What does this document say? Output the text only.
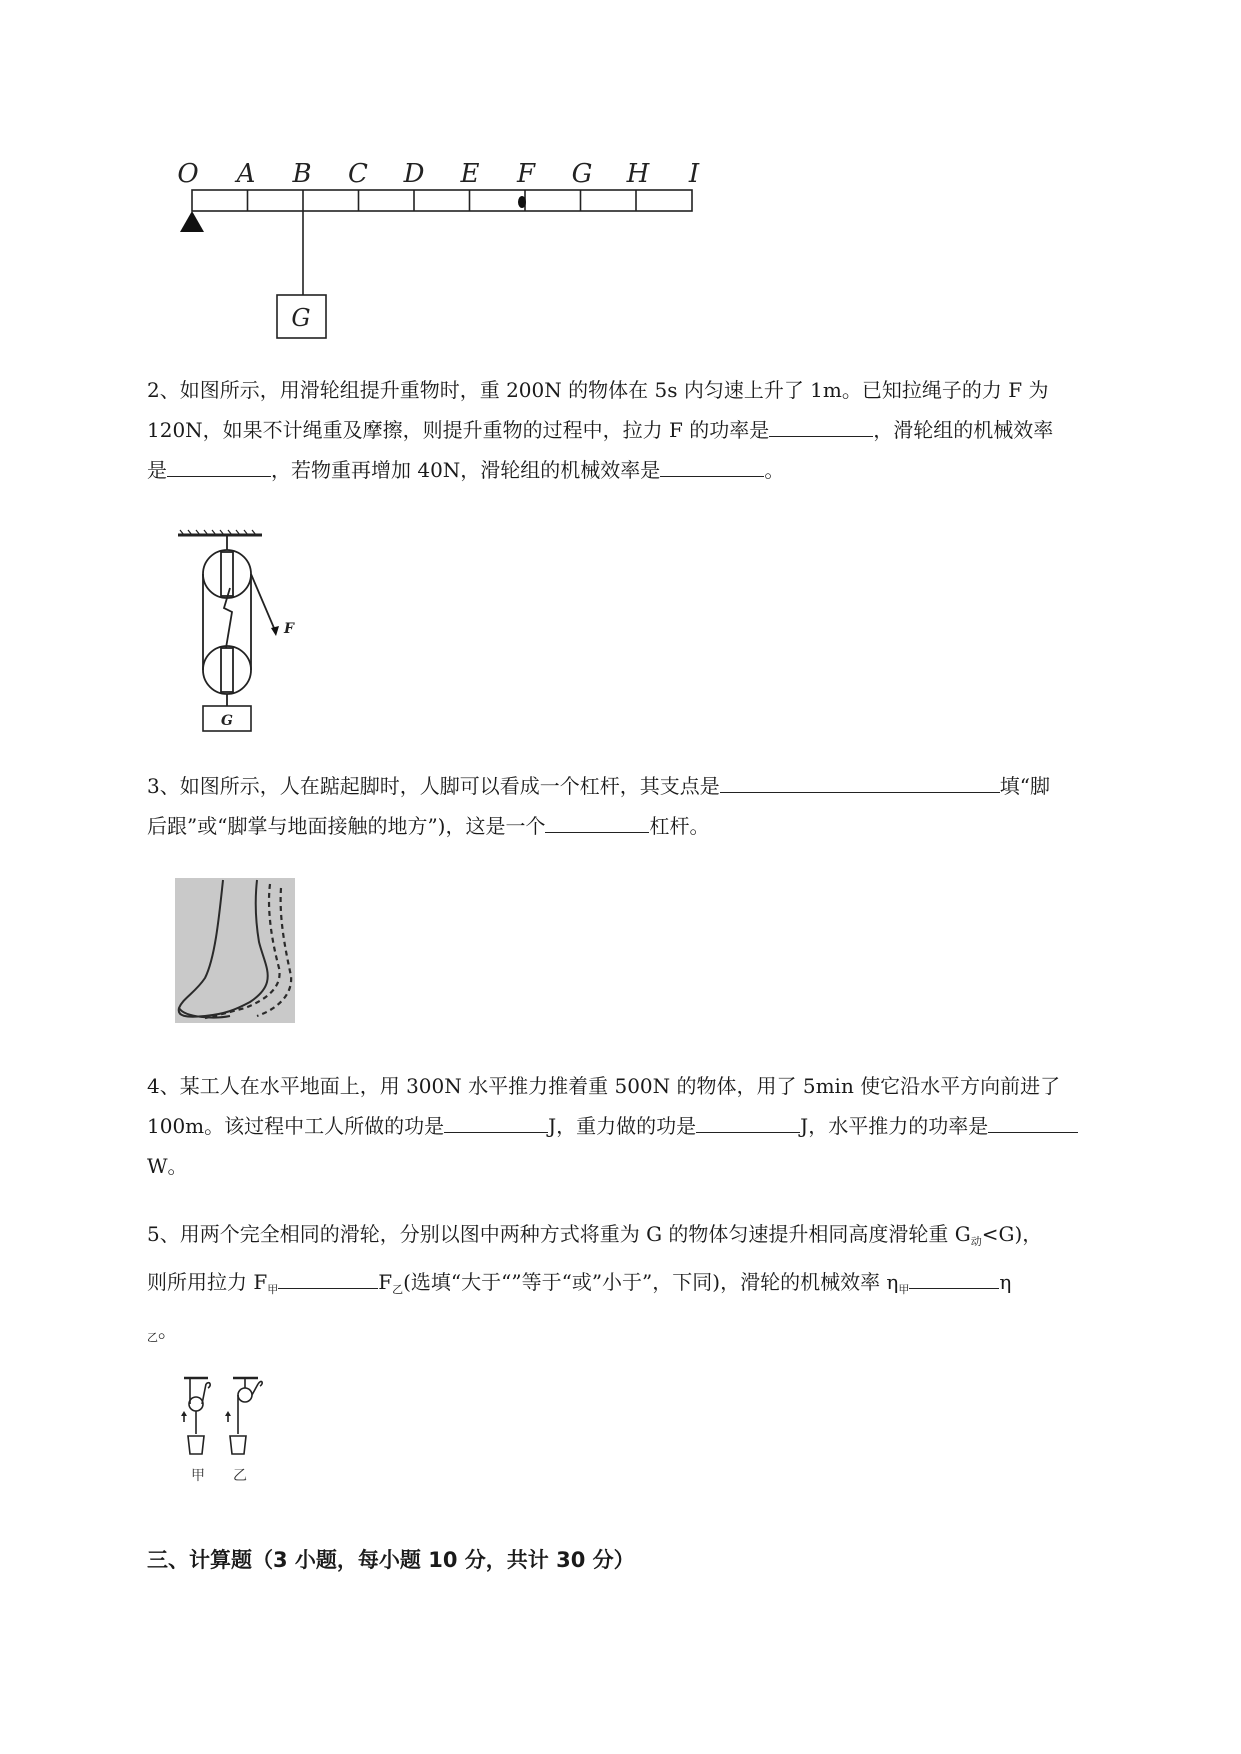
O A B C D E F G H I
G
2、如图所示，用滑轮组提升重物时，重 200N 的物体在 5s 内匀速上升了 1m。已知拉绳子的力 F 为
120N，如果不计绳重及摩擦，则提升重物的过程中，拉力 F 的功率是	，滑轮组的机械效率
是	，若物重再增加 40N，滑轮组的机械效率是	。
F
G
3、如图所示，人在踮起脚时，人脚可以看成一个杠杆，其支点是	填“脚
后跟”或“脚掌与地面接触的地方”)，这是一个	杠杆。
4、某工人在水平地面上，用 300N 水平推力推着重 500N 的物体，用了 5min 使它沿水平方向前进了
100m。该过程中工人所做的功是	J，重力做的功是	J，水平推力的功率是
W。
5、用两个完全相同的滑轮，分别以图中两种方式将重为 G 的物体匀速提升相同高度滑轮重 $G_动<G$)，
则所用拉力 $F_甲$	$F_乙$(选填“大于“”等于“或”小于”，下同)，滑轮的机械效率 $\eta_甲$	η
$_乙$。
甲 乙
三、计算题（3 小题，每小题 10 分，共计 30 分）
